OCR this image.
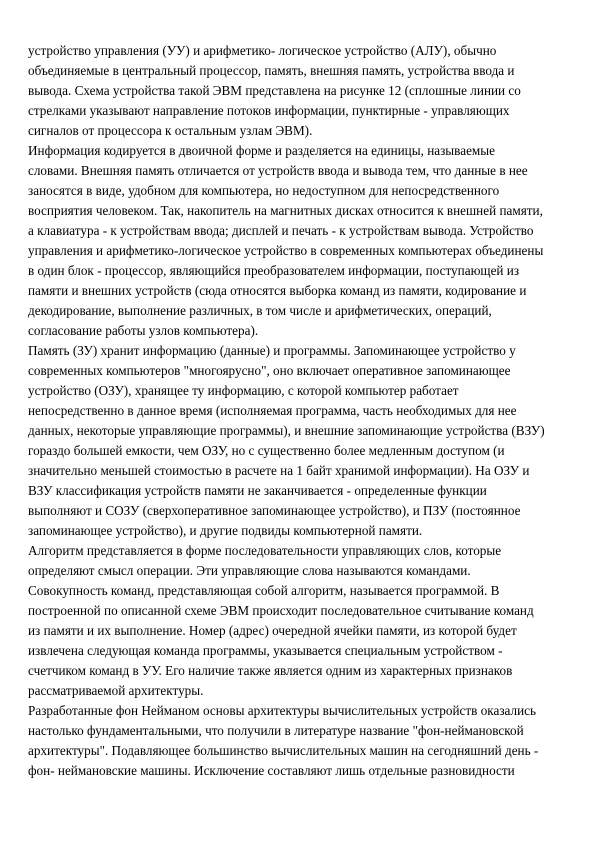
устройство управления (УУ) и арифметико- логическое устройство (АЛУ), обычно
объединяемые в центральный процессор, память, внешняя память, устройства ввода и
вывода. Схема устройства такой ЭВМ представлена на рисунке 12 (сплошные линии со
стрелками указывают направление потоков информации, пунктирные - управляющих
сигналов от процессора к остальным узлам ЭВМ).
Информация кодируется в двоичной форме и разделяется на единицы, называемые
словами. Внешняя память отличается от устройств ввода и вывода тем, что данные в нее
заносятся в виде, удобном для компьютера, но недоступном для непосредственного
восприятия человеком. Так, накопитель на магнитных дисках относится к внешней памяти,
а клавиатура - к устройствам ввода; дисплей и печать - к устройствам вывода. Устройство
управления и арифметико-логическое устройство в современных компьютерах объединены
в один блок - процессор, являющийся преобразователем информации, поступающей из
памяти и внешних устройств (сюда относятся выборка команд из памяти, кодирование и
декодирование, выполнение различных, в том числе и арифметических, операций,
согласование работы узлов компьютера).
Память (ЗУ) хранит информацию (данные) и программы. Запоминающее устройство у
современных компьютеров "многоярусно", оно включает оперативное запоминающее
устройство (ОЗУ), хранящее ту информацию, с которой компьютер работает
непосредственно в данное время (исполняемая программа, часть необходимых для нее
данных, некоторые управляющие программы), и внешние запоминающие устройства (ВЗУ)
гораздо большей емкости, чем ОЗУ, но с существенно более медленным доступом (и
значительно меньшей стоимостью в расчете на 1 байт хранимой информации). На ОЗУ и
ВЗУ классификация устройств памяти не заканчивается - определенные функции
выполняют и СОЗУ (сверхоперативное запоминающее устройство), и ПЗУ (постоянное
запоминающее устройство), и другие подвиды компьютерной памяти.
Алгоритм представляется в форме последовательности управляющих слов, которые
определяют смысл операции. Эти управляющие слова называются командами.
Совокупность команд, представляющая собой алгоритм, называется программой. В
построенной по описанной схеме ЭВМ происходит последовательное считывание команд
из памяти и их выполнение. Номер (адрес) очередной ячейки памяти, из которой будет
извлечена следующая команда программы, указывается специальным устройством -
счетчиком команд в УУ. Его наличие также является одним из характерных признаков
рассматриваемой архитектуры.
Разработанные фон Нейманом основы архитектуры вычислительных устройств оказались
настолько фундаментальными, что получили в литературе название "фон-неймановской
архитектуры". Подавляющее большинство вычислительных машин на сегодняшний день -
фон- неймановские машины. Исключение составляют лишь отдельные разновидности
